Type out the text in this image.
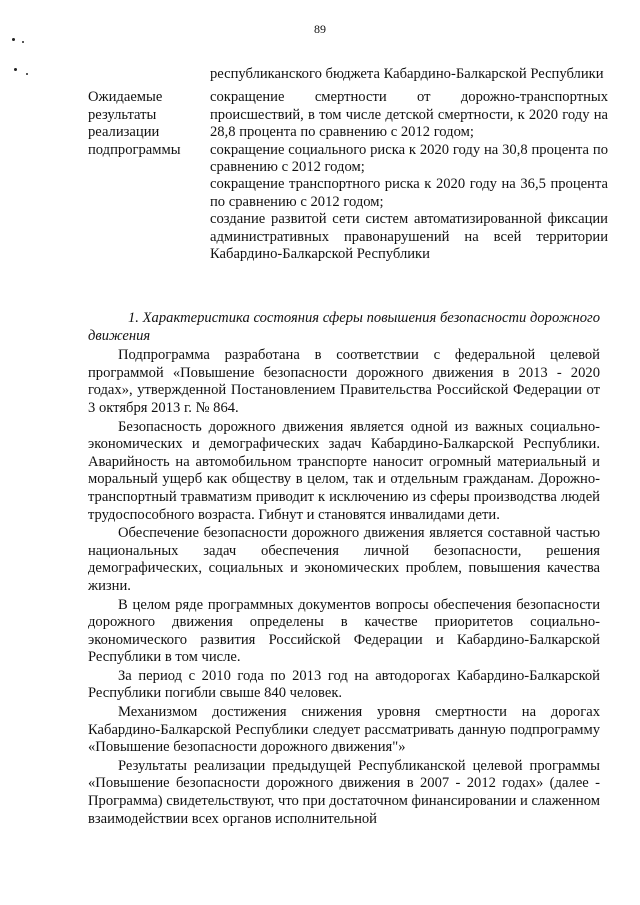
89

республиканского бюджета Кабардино-Балкарской Республики

Ожидаемые результаты реализации подпрограммы

сокращение смертности от дорожно-транспортных происшествий, в том числе детской смертности, к 2020 году на 28,8 процента по сравнению с 2012 годом;

сокращение социального риска к 2020 году на 30,8 процента по сравнению с 2012 годом;

сокращение транспортного риска к 2020 году на 36,5 процента по сравнению с 2012 годом;

создание развитой сети систем автоматизированной фиксации административных правонарушений на всей территории Кабардино-Балкарской Республики

1. Характеристика состояния сферы повышения безопасности дорожного движения

Подпрограмма разработана в соответствии с федеральной целевой программой «Повышение безопасности дорожного движения в 2013 - 2020 годах», утвержденной Постановлением Правительства Российской Федерации от 3 октября 2013 г. № 864.

Безопасность дорожного движения является одной из важных социально-экономических и демографических задач Кабардино-Балкарской Республики. Аварийность на автомобильном транспорте наносит огромный материальный и моральный ущерб как обществу в целом, так и отдельным гражданам. Дорожно-транспортный травматизм приводит к исключению из сферы производства людей трудоспособного возраста. Гибнут и становятся инвалидами дети.

Обеспечение безопасности дорожного движения является составной частью национальных задач обеспечения личной безопасности, решения демографических, социальных и экономических проблем, повышения качества жизни.

В целом ряде программных документов вопросы обеспечения безопасности дорожного движения определены в качестве приоритетов социально-экономического развития Российской Федерации и Кабардино-Балкарской Республики в том числе.

За период с 2010 года по 2013 год на автодорогах Кабардино-Балкарской Республики погибли свыше 840 человек.

Механизмом достижения снижения уровня смертности на дорогах Кабардино-Балкарской Республики следует рассматривать данную подпрограмму «Повышение безопасности дорожного движения"»

Результаты реализации предыдущей Республиканской целевой программы «Повышение безопасности дорожного движения в 2007 - 2012 годах» (далее - Программа) свидетельствуют, что при достаточном финансировании и слаженном взаимодействии всех органов исполнительной
